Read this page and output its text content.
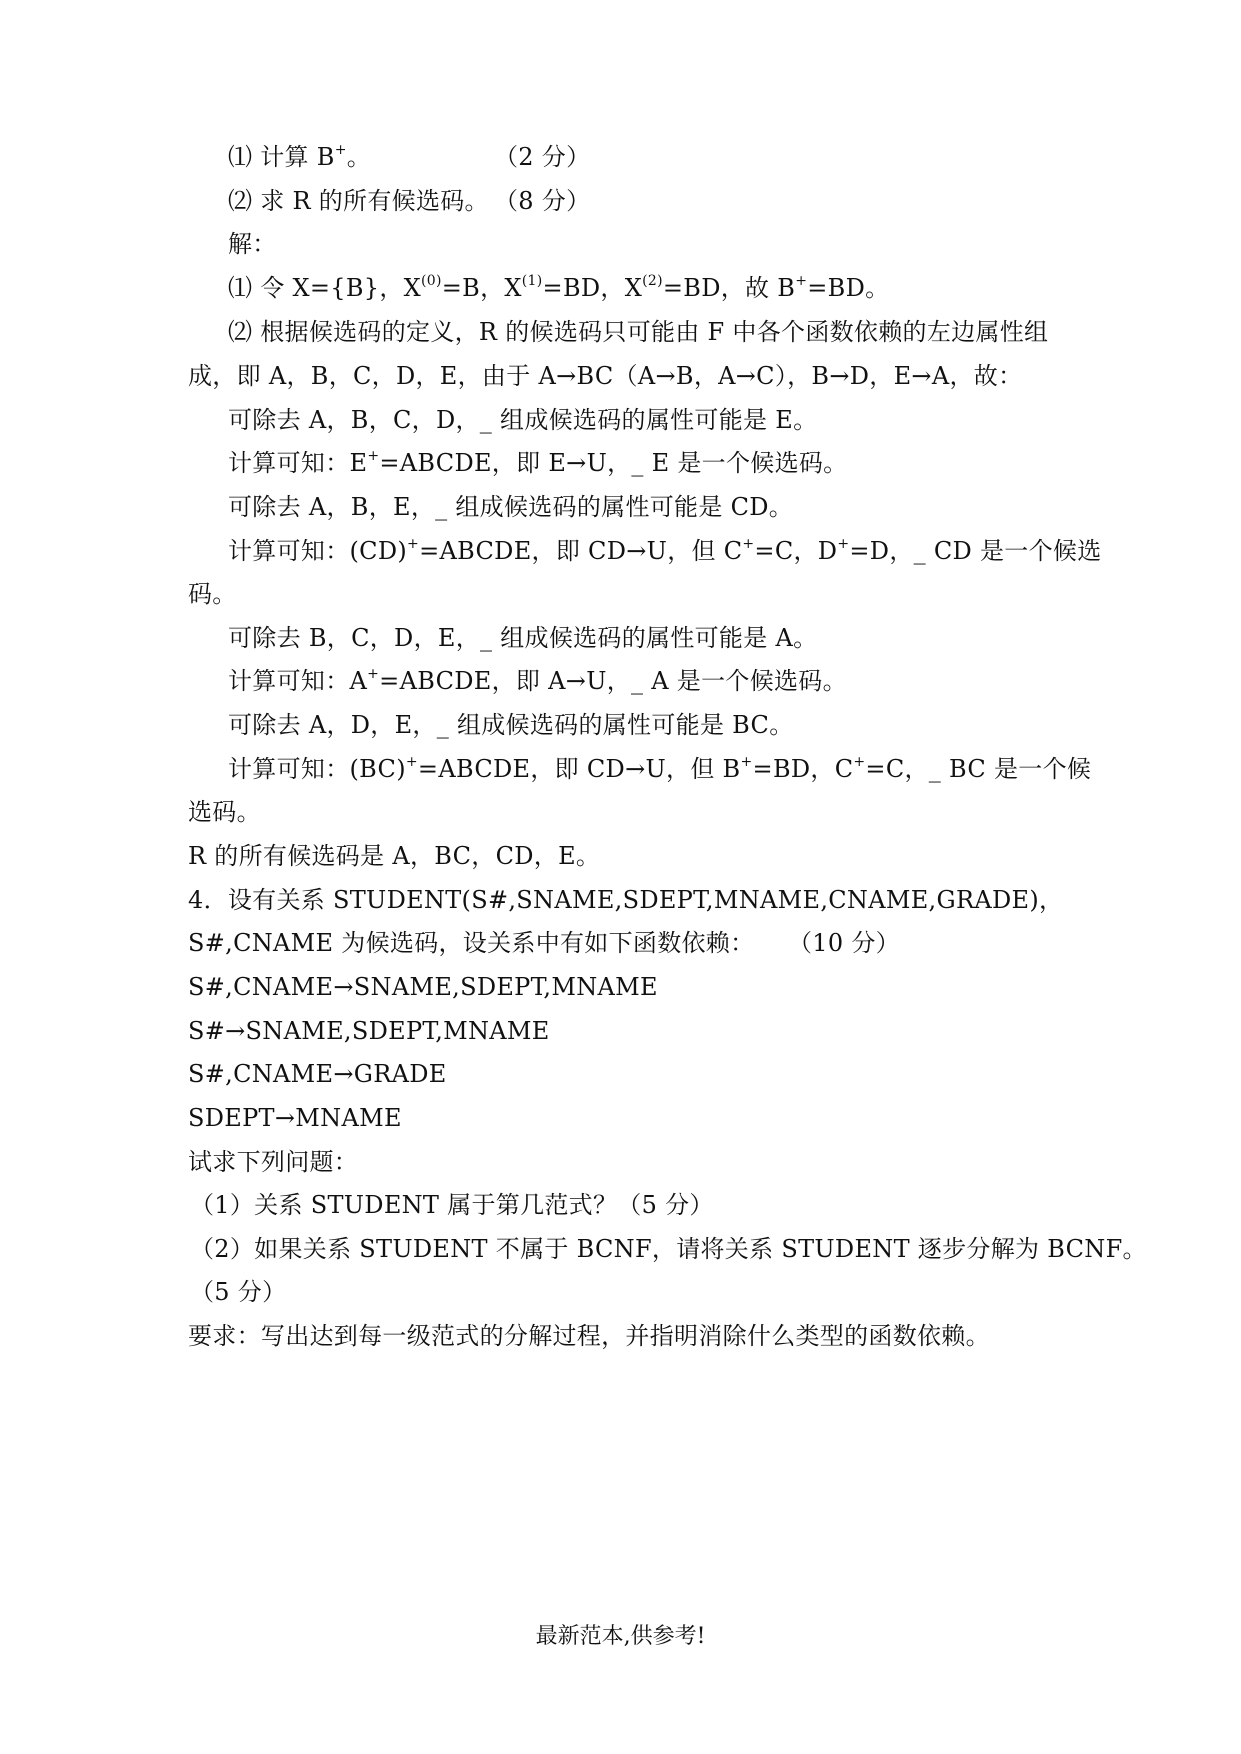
⑴ 计算 B+。	（2 分）
⑵ 求 R 的所有候选码。 （8 分）
解：
⑴ 令 X={B}，$X^{(0)}=B$，$X^{(1)}=BD$，$X^{(2)}=BD$，故 B+=BD。
⑵ 根据候选码的定义，R 的候选码只可能由 F 中各个函数依赖的左边属性组
成，即 A，B，C，D，E，由于 A→BC（A→B，A→C），B→D，E→A，故：
可除去 A，B，C，D，_ 组成候选码的属性可能是 E。
计算可知：E+=ABCDE，即 E→U，_ E 是一个候选码。
可除去 A，B，E，_ 组成候选码的属性可能是 CD。
计算可知：(CD)+=ABCDE，即 CD→U，但 C+=C，D+=D，_ CD 是一个候选
码。
可除去 B，C，D，E，_ 组成候选码的属性可能是 A。
计算可知：A+=ABCDE，即 A→U，_ A 是一个候选码。
可除去 A，D，E，_ 组成候选码的属性可能是 BC。
计算可知：(BC)+=ABCDE，即 CD→U，但 B+=BD，C+=C，_ BC 是一个候
选码。
R 的所有候选码是 A，BC，CD，E。
4．设有关系 STUDENT(S#,SNAME,SDEPT,MNAME,CNAME,GRADE)，
S#,CNAME 为候选码，设关系中有如下函数依赖： （10 分）
S#,CNAME→SNAME,SDEPT,MNAME
S#→SNAME,SDEPT,MNAME
S#,CNAME→GRADE
SDEPT→MNAME
试求下列问题：
（1）关系 STUDENT 属于第几范式？（5 分）
（2）如果关系 STUDENT 不属于 BCNF，请将关系 STUDENT 逐步分解为 BCNF。
（5 分）
要求：写出达到每一级范式的分解过程，并指明消除什么类型的函数依赖。
最新范本,供参考!
